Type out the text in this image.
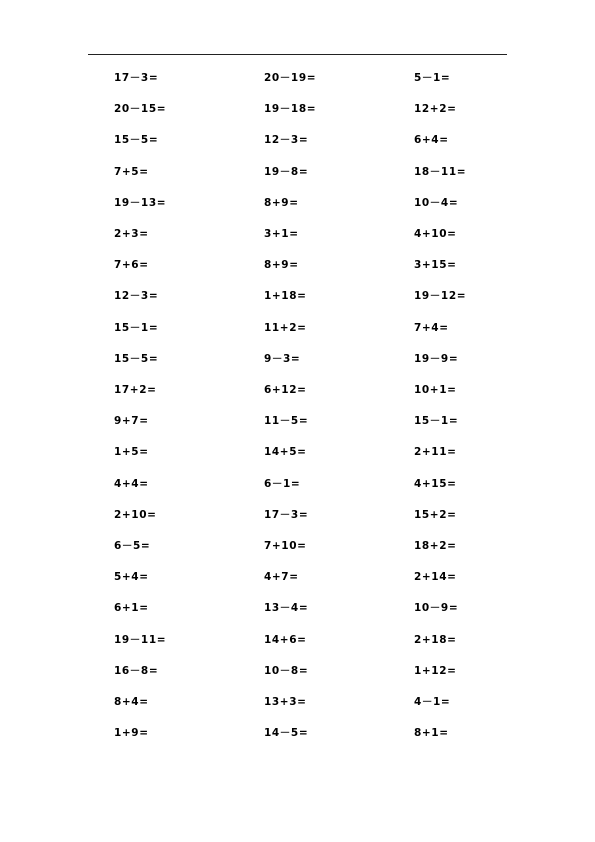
17－3=	20－19=	5－1=
20－15=	19－18=	12+2=
15－5=	12－3=	6+4=
7+5=	19－8=	18－11=
19－13=	8+9=	10－4=
2+3=	3+1=	4+10=
7+6=	8+9=	3+15=
12－3=	1+18=	19－12=
15－1=	11+2=	7+4=
15－5=	9－3=	19－9=
17+2=	6+12=	10+1=
9+7=	11－5=	15－1=
1+5=	14+5=	2+11=
4+4=	6－1=	4+15=
2+10=	17－3=	15+2=
6－5=	7+10=	18+2=
5+4=	4+7=	2+14=
6+1=	13－4=	10－9=
19－11=	14+6=	2+18=
16－8=	10－8=	1+12=
8+4=	13+3=	4－1=
1+9=	14－5=	8+1=
